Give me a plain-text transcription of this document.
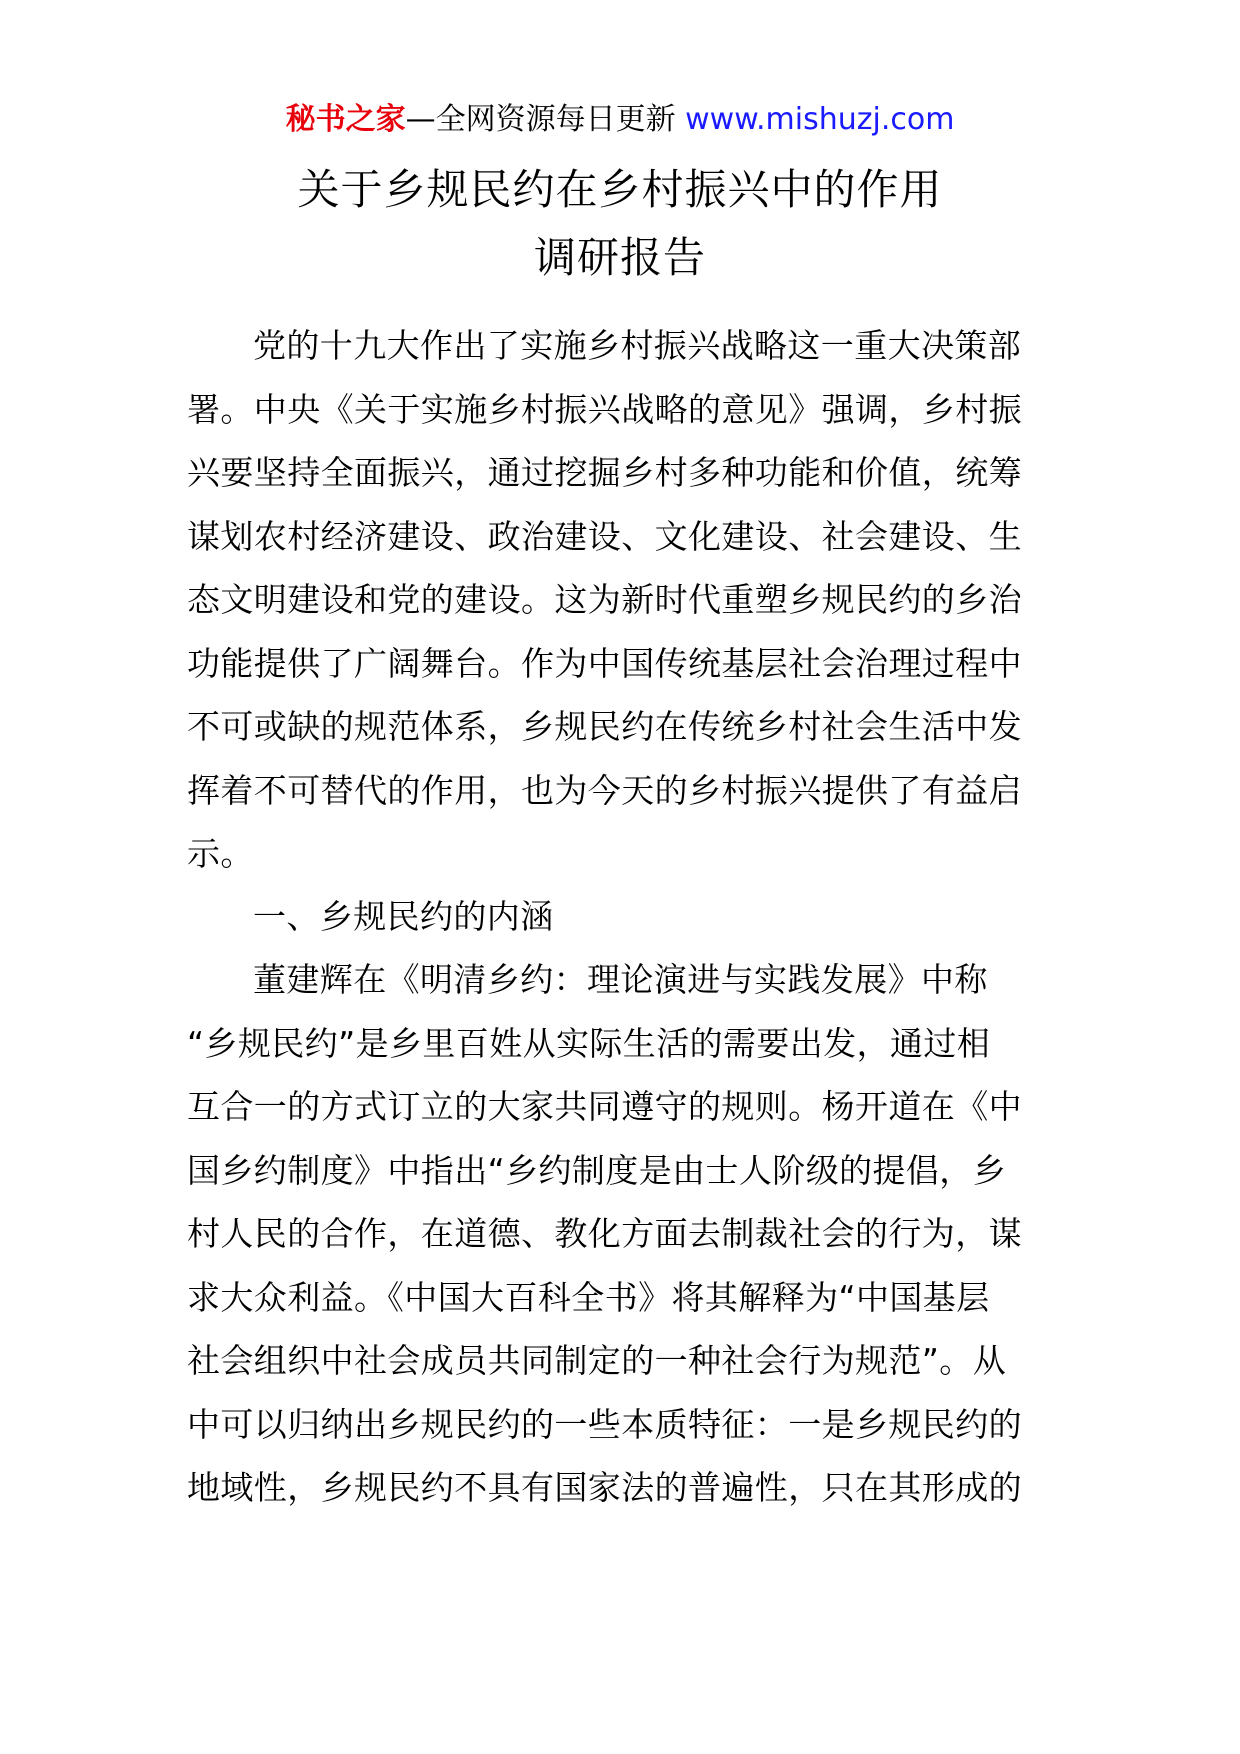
秘书之家—全网资源每日更新 www.mishuzj.com
关于乡规民约在乡村振兴中的作用
调研报告
党的十九大作出了实施乡村振兴战略这一重大决策部
署。中央《关于实施乡村振兴战略的意见》强调，乡村振
兴要坚持全面振兴，通过挖掘乡村多种功能和价值，统筹
谋划农村经济建设、政治建设、文化建设、社会建设、生
态文明建设和党的建设。这为新时代重塑乡规民约的乡治
功能提供了广阔舞台。作为中国传统基层社会治理过程中
不可或缺的规范体系，乡规民约在传统乡村社会生活中发
挥着不可替代的作用，也为今天的乡村振兴提供了有益启
示。
一、乡规民约的内涵
董建辉在《明清乡约：理论演进与实践发展》中称
“乡规民约”是乡里百姓从实际生活的需要出发，通过相
互合一的方式订立的大家共同遵守的规则。杨开道在《中
国乡约制度》中指出“乡约制度是由士人阶级的提倡，乡
村人民的合作，在道德、教化方面去制裁社会的行为，谋
求大众利益。《中国大百科全书》将其解释为“中国基层
社会组织中社会成员共同制定的一种社会行为规范”。从
中可以归纳出乡规民约的一些本质特征：一是乡规民约的
地域性，乡规民约不具有国家法的普遍性，只在其形成的
